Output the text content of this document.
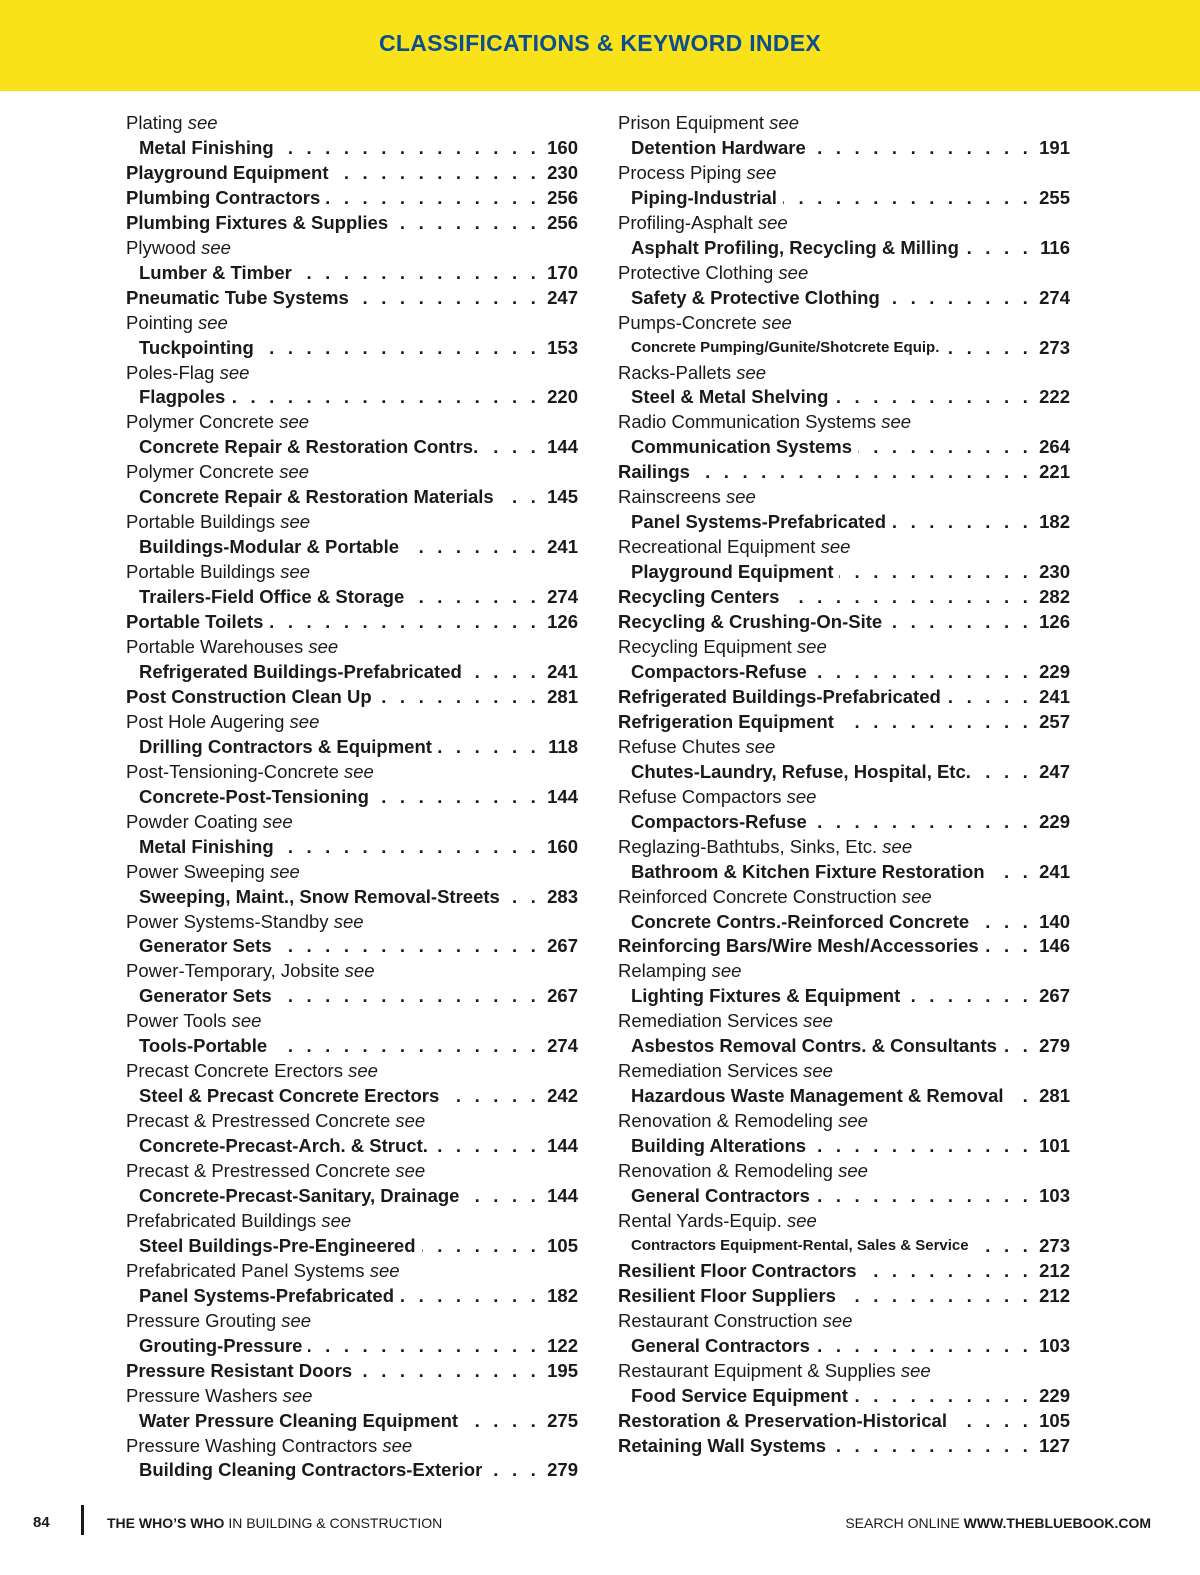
CLASSIFICATIONS & KEYWORD INDEX
Plating see
Metal Finishing . . .	160
Playground Equipment . . .	230
Plumbing Contractors . . .	256
Plumbing Fixtures & Supplies . . .	256
Plywood see
Lumber & Timber . . .	170
Pneumatic Tube Systems . . .	247
Pointing see
Tuckpointing . . .	153
Poles-Flag see
Flagpoles . . .	220
Polymer Concrete see
Concrete Repair & Restoration Contrs. . . .	144
Polymer Concrete see
Concrete Repair & Restoration Materials . . .	145
Portable Buildings see
Buildings-Modular & Portable . . .	241
Portable Buildings see
Trailers-Field Office & Storage . . .	274
Portable Toilets . . .	126
Portable Warehouses see
Refrigerated Buildings-Prefabricated . . .	241
Post Construction Clean Up . . .	281
Post Hole Augering see
Drilling Contractors & Equipment . . .	118
Post-Tensioning-Concrete see
Concrete-Post-Tensioning . . .	144
Powder Coating see
Metal Finishing . . .	160
Power Sweeping see
Sweeping, Maint., Snow Removal-Streets . . .	283
Power Systems-Standby see
Generator Sets . . .	267
Power-Temporary, Jobsite see
Generator Sets . . .	267
Power Tools see
Tools-Portable . . .	274
Precast Concrete Erectors see
Steel & Precast Concrete Erectors . . .	242
Precast & Prestressed Concrete see
Concrete-Precast-Arch. & Struct. . . .	144
Precast & Prestressed Concrete see
Concrete-Precast-Sanitary, Drainage . . .	144
Prefabricated Buildings see
Steel Buildings-Pre-Engineered . . .	105
Prefabricated Panel Systems see
Panel Systems-Prefabricated . . .	182
Pressure Grouting see
Grouting-Pressure . . .	122
Pressure Resistant Doors . . .	195
Pressure Washers see
Water Pressure Cleaning Equipment . . .	275
Pressure Washing Contractors see
Building Cleaning Contractors-Exterior . . .	279
Prison Equipment see
Detention Hardware . . .	191
Process Piping see
Piping-Industrial . . .	255
Profiling-Asphalt see
Asphalt Profiling, Recycling & Milling . . .	116
Protective Clothing see
Safety & Protective Clothing . . .	274
Pumps-Concrete see
Concrete Pumping/Gunite/Shotcrete Equip. . . .	273
Racks-Pallets see
Steel & Metal Shelving . . .	222
Radio Communication Systems see
Communication Systems . . .	264
Railings . . .	221
Rainscreens see
Panel Systems-Prefabricated . . .	182
Recreational Equipment see
Playground Equipment . . .	230
Recycling Centers . . .	282
Recycling & Crushing-On-Site . . .	126
Recycling Equipment see
Compactors-Refuse . . .	229
Refrigerated Buildings-Prefabricated . . .	241
Refrigeration Equipment . . .	257
Refuse Chutes see
Chutes-Laundry, Refuse, Hospital, Etc. . . .	247
Refuse Compactors see
Compactors-Refuse . . .	229
Reglazing-Bathtubs, Sinks, Etc. see
Bathroom & Kitchen Fixture Restoration . . .	241
Reinforced Concrete Construction see
Concrete Contrs.-Reinforced Concrete . . .	140
Reinforcing Bars/Wire Mesh/Accessories . . .	146
Relamping see
Lighting Fixtures & Equipment . . .	267
Remediation Services see
Asbestos Removal Contrs. & Consultants . . . 279
Remediation Services see
Hazardous Waste Management & Removal . . . 281
Renovation & Remodeling see
Building Alterations . . .	101
Renovation & Remodeling see
General Contractors . . .	103
Rental Yards-Equip. see
Contractors Equipment-Rental, Sales & Service . . .	273
Resilient Floor Contractors . . .	212
Resilient Floor Suppliers . . .	212
Restaurant Construction see
General Contractors . . .	103
Restaurant Equipment & Supplies see
Food Service Equipment . . .	229
Restoration & Preservation-Historical . . .	105
Retaining Wall Systems . . .	127
84	THE WHO’S WHO IN BUILDING & CONSTRUCTION	SEARCH ONLINE WWW.THEBLUEBOOK.COM
